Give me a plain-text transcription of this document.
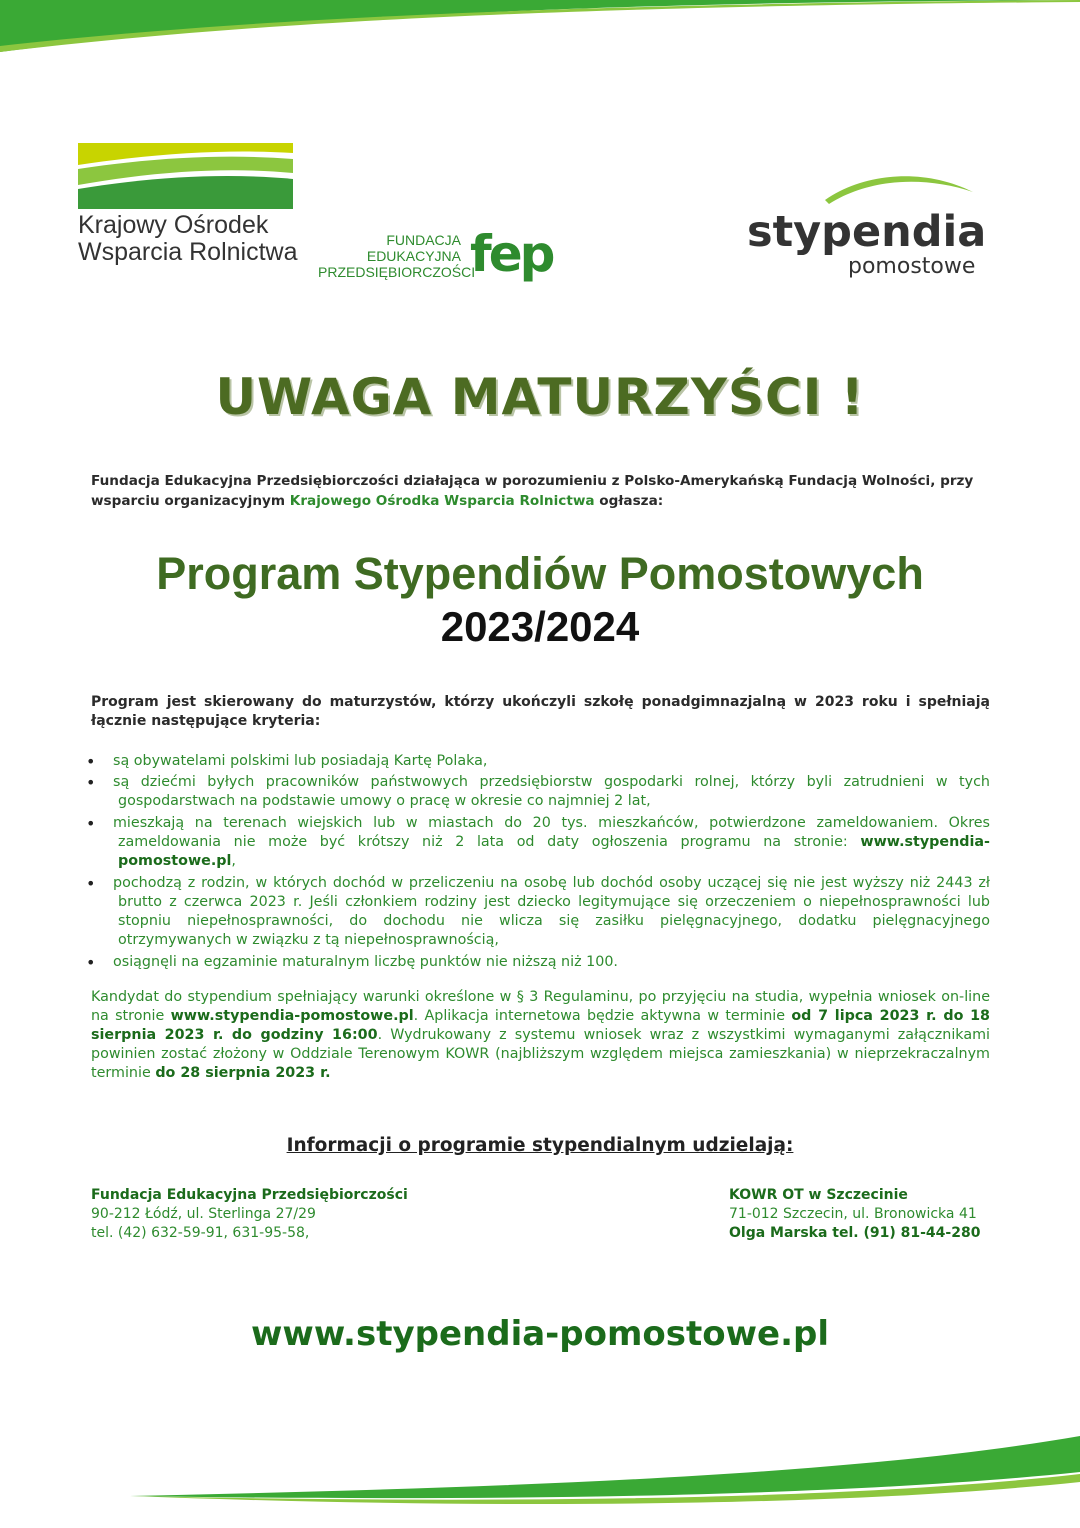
Krajowy Ośrodek
Wsparcia Rolnictwa	FUNDACJA
EDUKACYJNA
PRZEDSIĘBIORCZOŚCI
fep	stypendia
pomostowe
UWAGA MATURZYŚCI !
Fundacja Edukacyjna Przedsiębiorczości działająca w porozumieniu z Polsko-Amerykańską Fundacją Wolności, przy wsparciu organizacyjnym Krajowego Ośrodka Wsparcia Rolnictwa ogłasza:
Program Stypendiów Pomostowych
2023/2024
Program jest skierowany do maturzystów, którzy ukończyli szkołę ponadgimnazjalną w 2023 roku i spełniają łącznie następujące kryteria:
• są obywatelami polskimi lub posiadają Kartę Polaka,
• są dziećmi byłych pracowników państwowych przedsiębiorstw gospodarki rolnej, którzy byli zatrudnieni w tych gospodarstwach na podstawie umowy o pracę w okresie co najmniej 2 lat,
• mieszkają na terenach wiejskich lub w miastach do 20 tys. mieszkańców, potwierdzone zameldowaniem. Okres zameldowania nie może być krótszy niż 2 lata od daty ogłoszenia programu na stronie: www.stypendia-pomostowe.pl,
• pochodzą z rodzin, w których dochód w przeliczeniu na osobę lub dochód osoby uczącej się nie jest wyższy niż 2443 zł brutto z czerwca 2023 r. Jeśli członkiem rodziny jest dziecko legitymujące się orzeczeniem o niepełnosprawności lub stopniu niepełnosprawności, do dochodu nie wlicza się zasiłku pielęgnacyjnego, dodatku pielęgnacyjnego otrzymywanych w związku z tą niepełnosprawnością,
• osiągnęli na egzaminie maturalnym liczbę punktów nie niższą niż 100.
Kandydat do stypendium spełniający warunki określone w § 3 Regulaminu, po przyjęciu na studia, wypełnia wniosek on-line na stronie www.stypendia-pomostowe.pl. Aplikacja internetowa będzie aktywna w terminie od 7 lipca 2023 r. do 18 sierpnia 2023 r. do godziny 16:00. Wydrukowany z systemu wniosek wraz z wszystkimi wymaganymi załącznikami powinien zostać złożony w Oddziale Terenowym KOWR (najbliższym względem miejsca zamieszkania) w nieprzekraczalnym terminie do 28 sierpnia 2023 r.
Informacji o programie stypendialnym udzielają:
Fundacja Edukacyjna Przedsiębiorczości
90-212 Łódź, ul. Sterlinga 27/29
tel. (42) 632-59-91, 631-95-58,
KOWR OT w Szczecinie
71-012 Szczecin, ul. Bronowicka 41
Olga Marska tel. (91) 81-44-280
www.stypendia-pomostowe.pl
